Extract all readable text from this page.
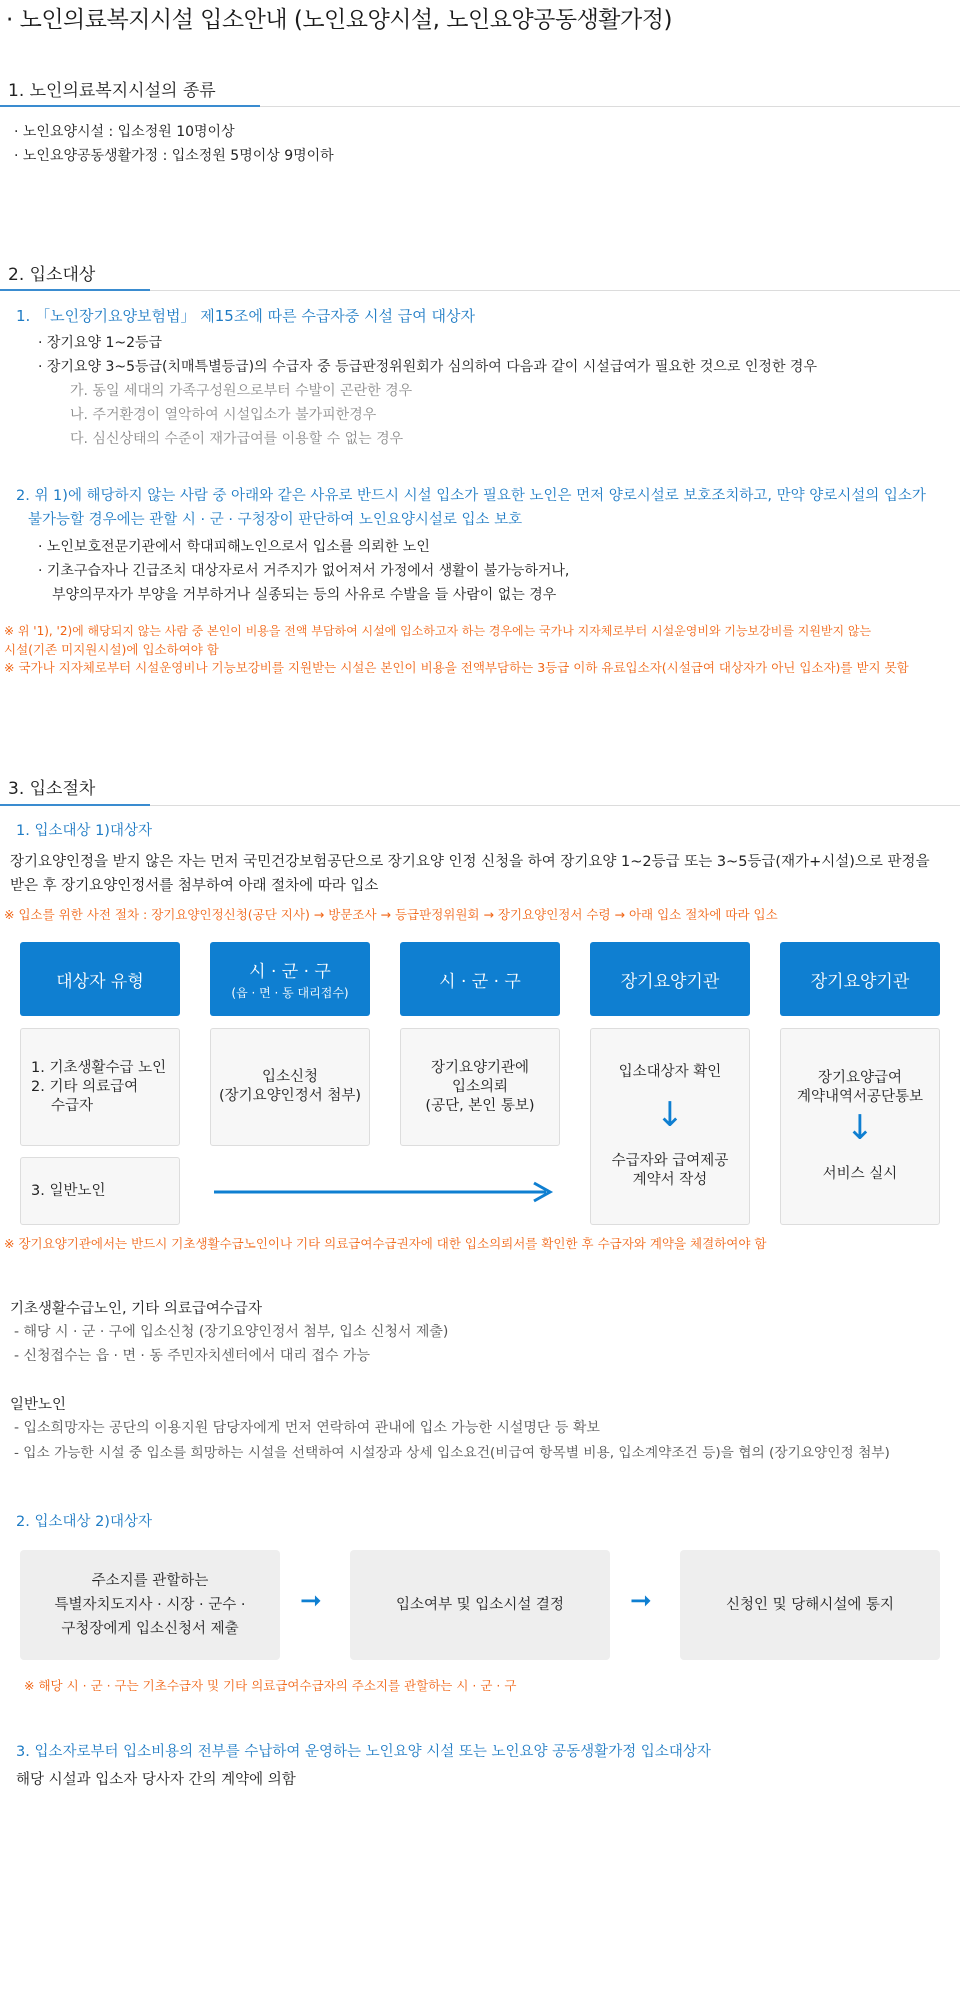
· 노인의료복지시설 입소안내 (노인요양시설, 노인요양공동생활가정)
1. 노인의료복지시설의 종류
· 노인요양시설 : 입소정원 10명이상
· 노인요양공동생활가정 : 입소정원 5명이상 9명이하
2. 입소대상
1. 「노인장기요양보험법」 제15조에 따른 수급자중 시설 급여 대상자
· 장기요양 1~2등급
· 장기요양 3~5등급(치매특별등급)의 수급자 중 등급판정위원회가 심의하여 다음과 같이 시설급여가 필요한 것으로 인정한 경우
가. 동일 세대의 가족구성원으로부터 수발이 곤란한 경우
나. 주거환경이 열악하여 시설입소가 불가피한경우
다. 심신상태의 수준이 재가급여를 이용할 수 없는 경우
2. 위 1)에 해당하지 않는 사람 중 아래와 같은 사유로 반드시 시설 입소가 필요한 노인은 먼저 양로시설로 보호조치하고, 만약 양로시설의 입소가
불가능할 경우에는 관할 시 · 군 · 구청장이 판단하여 노인요양시설로 입소 보호
· 노인보호전문기관에서 학대피해노인으로서 입소를 의뢰한 노인
· 기초구습자나 긴급조치 대상자로서 거주지가 없어져서 가정에서 생활이 불가능하거나,
부양의무자가 부양을 거부하거나 실종되는 등의 사유로 수발을 들 사람이 없는 경우
※ 위 '1), '2)에 해당되지 않는 사람 중 본인이 비용을 전액 부담하여 시설에 입소하고자 하는 경우에는 국가나 지자체로부터 시설운영비와 기능보강비를 지원받지 않는
시설(기존 미지원시설)에 입소하여야 함
※ 국가나 지자체로부터 시설운영비나 기능보강비를 지원받는 시설은 본인이 비용을 전액부담하는 3등급 이하 유료입소자(시설급여 대상자가 아닌 입소자)를 받지 못함
3. 입소절차
1. 입소대상 1)대상자
장기요양인정을 받지 않은 자는 먼저 국민건강보험공단으로 장기요양 인정 신청을 하여 장기요양 1~2등급 또는 3~5등급(재가+시설)으로 판정을
받은 후 장기요양인정서를 첨부하여 아래 절차에 따라 입소
※ 입소를 위한 사전 절차 : 장기요양인정신청(공단 지사) → 방문조사 → 등급판정위원회 → 장기요양인정서 수령 → 아래 입소 절차에 따라 입소
대상자 유형	시 · 군 · 구
(읍 · 면 · 동 대리접수)
시 · 군 · 구	장기요양기관	장기요양기관
1. 기초생활수급 노인
2. 기타 의료급여
수급자
3. 일반노인
입소신청
(장기요양인정서 첨부)
장기요양기관에
입소의뢰
(공단, 본인 통보)
입소대상자 확인
↓
수급자와 급여제공
계약서 작성
장기요양급여
계약내역서공단통보
↓
서비스 실시
※ 장기요양기관에서는 반드시 기초생활수급노인이나 기타 의료급여수급권자에 대한 입소의뢰서를 확인한 후 수급자와 계약을 체결하여야 함
기초생활수급노인, 기타 의료급여수급자
- 해당 시 · 군 · 구에 입소신청 (장기요양인정서 첨부, 입소 신청서 제출)
- 신청접수는 읍 · 면 · 동 주민자치센터에서 대리 접수 가능
일반노인
- 입소희망자는 공단의 이용지원 담당자에게 먼저 연락하여 관내에 입소 가능한 시설명단 등 확보
- 입소 가능한 시설 중 입소를 희망하는 시설을 선택하여 시설장과 상세 입소요건(비급여 항목별 비용, 입소계약조건 등)을 협의 (장기요양인정 첨부)
2. 입소대상 2)대상자
주소지를 관할하는
특별자치도지사 · 시장 · 군수 ·
구청장에게 입소신청서 제출
➞	입소여부 및 입소시설 결정	➞	신청인 및 당해시설에 통지
※ 해당 시 · 군 · 구는 기초수급자 및 기타 의료급여수급자의 주소지를 관할하는 시 · 군 · 구
3. 입소자로부터 입소비용의 전부를 수납하여 운영하는 노인요양 시설 또는 노인요양 공동생활가정 입소대상자
해당 시설과 입소자 당사자 간의 계약에 의함
